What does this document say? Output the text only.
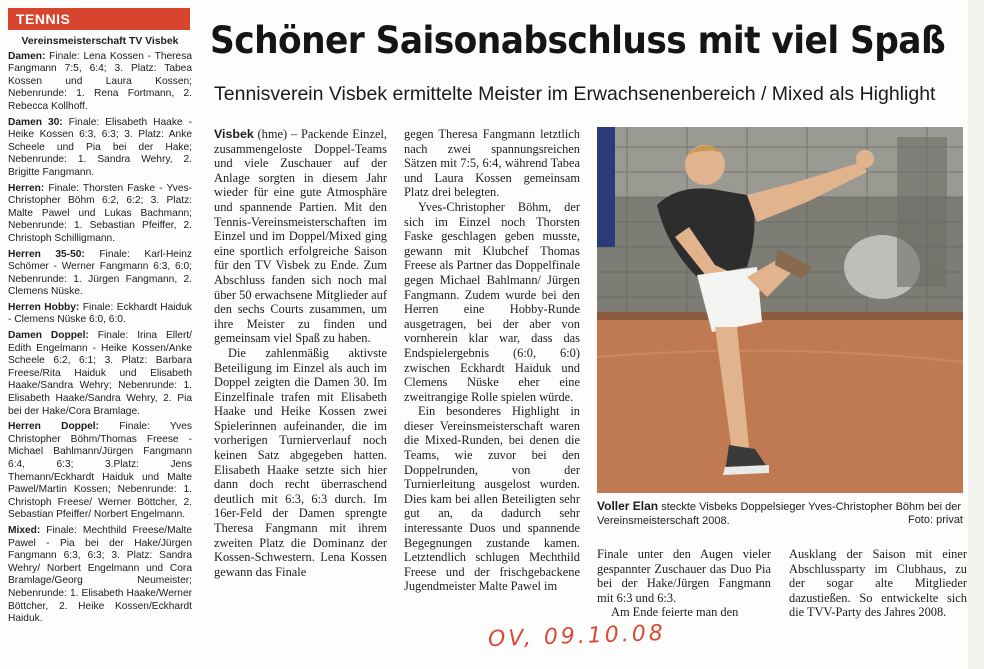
TENNIS
Vereinsmeisterschaft TV Visbek
Damen: Finale: Lena Kossen - Theresa Fangmann 7:5, 6:4; 3. Platz: Tabea Kossen und Laura Kossen; Nebenrunde: 1. Rena Fortmann, 2. Rebecca Kollhoff.
Damen 30: Finale: Elisabeth Haake - Heike Kossen 6:3, 6:3; 3. Platz: Anke Scheele und Pia bei der Hake; Nebenrunde: 1. Sandra Wehry, 2. Brigitte Fangmann.
Herren: Finale: Thorsten Faske - Yves-Christopher Böhm 6:2, 6:2; 3. Platz: Malte Pawel und Lukas Bachmann; Nebenrunde: 1. Sebastian Pfeiffer, 2. Christoph Schilligmann.
Herren 35-50: Finale: Karl-Heinz Schömer - Werner Fangmann 6:3, 6:0; Nebenrunde: 1. Jürgen Fangmann, 2. Clemens Nüske.
Herren Hobby: Finale: Eckhardt Haiduk - Clemens Nüske 6:0, 6:0.
Damen Doppel: Finale: Irina Ellert/ Edith Engelmann - Heike Kossen/Anke Scheele 6:2, 6:1; 3. Platz: Barbara Freese/Rita Haiduk und Elisabeth Haake/Sandra Wehry; Nebenrunde: 1. Elisabeth Haake/Sandra Wehry, 2. Pia bei der Hake/Cora Bramlage.
Herren Doppel: Finale: Yves Christopher Böhm/Thomas Freese - Michael Bahlmann/Jürgen Fangmann 6:4, 6:3; 3.Platz: Jens Themann/Eckhardt Haiduk und Malte Pawel/Martin Kossen; Nebenrunde: 1. Christoph Freese/ Werner Böttcher, 2. Sebastian Pfeiffer/ Norbert Engelmann.
Mixed: Finale: Mechthild Freese/Malte Pawel - Pia bei der Hake/Jürgen Fangmann 6:3, 6:3; 3. Platz: Sandra Wehry/ Norbert Engelmann und Cora Bramlage/Georg Neumeister; Nebenrunde: 1. Elisabeth Haake/Werner Böttcher, 2. Heike Kossen/Eckhardt Haiduk.
Schöner Saisonabschluss mit viel Spaß
Tennisverein Visbek ermittelte Meister im Erwachsenenbereich / Mixed als Highlight

Visbek (hme) – Packende Einzel, zusammengeloste Doppel-Teams und viele Zuschauer auf der Anlage sorgten in diesem Jahr wieder für eine gute Atmosphäre und spannende Partien. Mit den Tennis-Vereinsmeisterschaften im Einzel und im Doppel/Mixed ging eine sportlich erfolgreiche Saison für den TV Visbek zu Ende. Zum Abschluss fanden sich noch mal über 50 erwachsene Mitglieder auf den sechs Courts zusammen, um ihre Meister zu finden und gemeinsam viel Spaß zu haben.

Die zahlenmäßig aktivste Beteiligung im Einzel als auch im Doppel zeigten die Damen 30. Im Einzelfinale trafen mit Elisabeth Haake und Heike Kossen zwei Spielerinnen aufeinander, die im vorherigen Turnierverlauf noch keinen Satz abgegeben hatten. Elisabeth Haake setzte sich hier dann doch recht überraschend deutlich mit 6:3, 6:3 durch. Im 16er-Feld der Damen sprengte Theresa Fangmann mit ihrem zweiten Platz die Dominanz der Kossen-Schwestern. Lena Kossen gewann das Finale

gegen Theresa Fangmann letztlich nach zwei spannungsreichen Sätzen mit 7:5, 6:4, während Tabea und Laura Kossen gemeinsam Platz drei belegten.

Yves-Christopher Böhm, der sich im Einzel noch Thorsten Faske geschlagen geben musste, gewann mit Klubchef Thomas Freese als Partner das Doppelfinale gegen Michael Bahlmann/ Jürgen Fangmann. Zudem wurde bei den Herren eine Hobby-Runde ausgetragen, bei der aber von vornherein klar war, dass das Endspielergebnis (6:0, 6:0) zwischen Eckhardt Haiduk und Clemens Nüske eher eine zweitrangige Rolle spielen würde.

Ein besonderes Highlight in dieser Vereinsmeisterschaft waren die Mixed-Runden, bei denen die Teams, wie zuvor bei den Doppelrunden, von der Turnierleitung ausgelost wurden. Dies kam bei allen Beteiligten sehr gut an, da dadurch sehr interessante Duos und spannende Begegnungen zustande kamen. Letztendlich schlugen Mechthild Freese und der frischgebackene Jugendmeister Malte Pawel im

Voller Elan steckte Visbeks Doppelsieger Yves-Christopher Böhm bei der Vereinsmeisterschaft 2008.	Foto: privat

Finale unter den Augen vieler gespannter Zuschauer das Duo Pia bei der Hake/Jürgen Fangmann mit 6:3 und 6:3.

Am Ende feierte man den

Ausklang der Saison mit einer Abschlussparty im Clubhaus, zu der sogar alte Mitglieder dazustießen. So entwickelte sich die TVV-Party des Jahres 2008.

OV, 09.10.08
